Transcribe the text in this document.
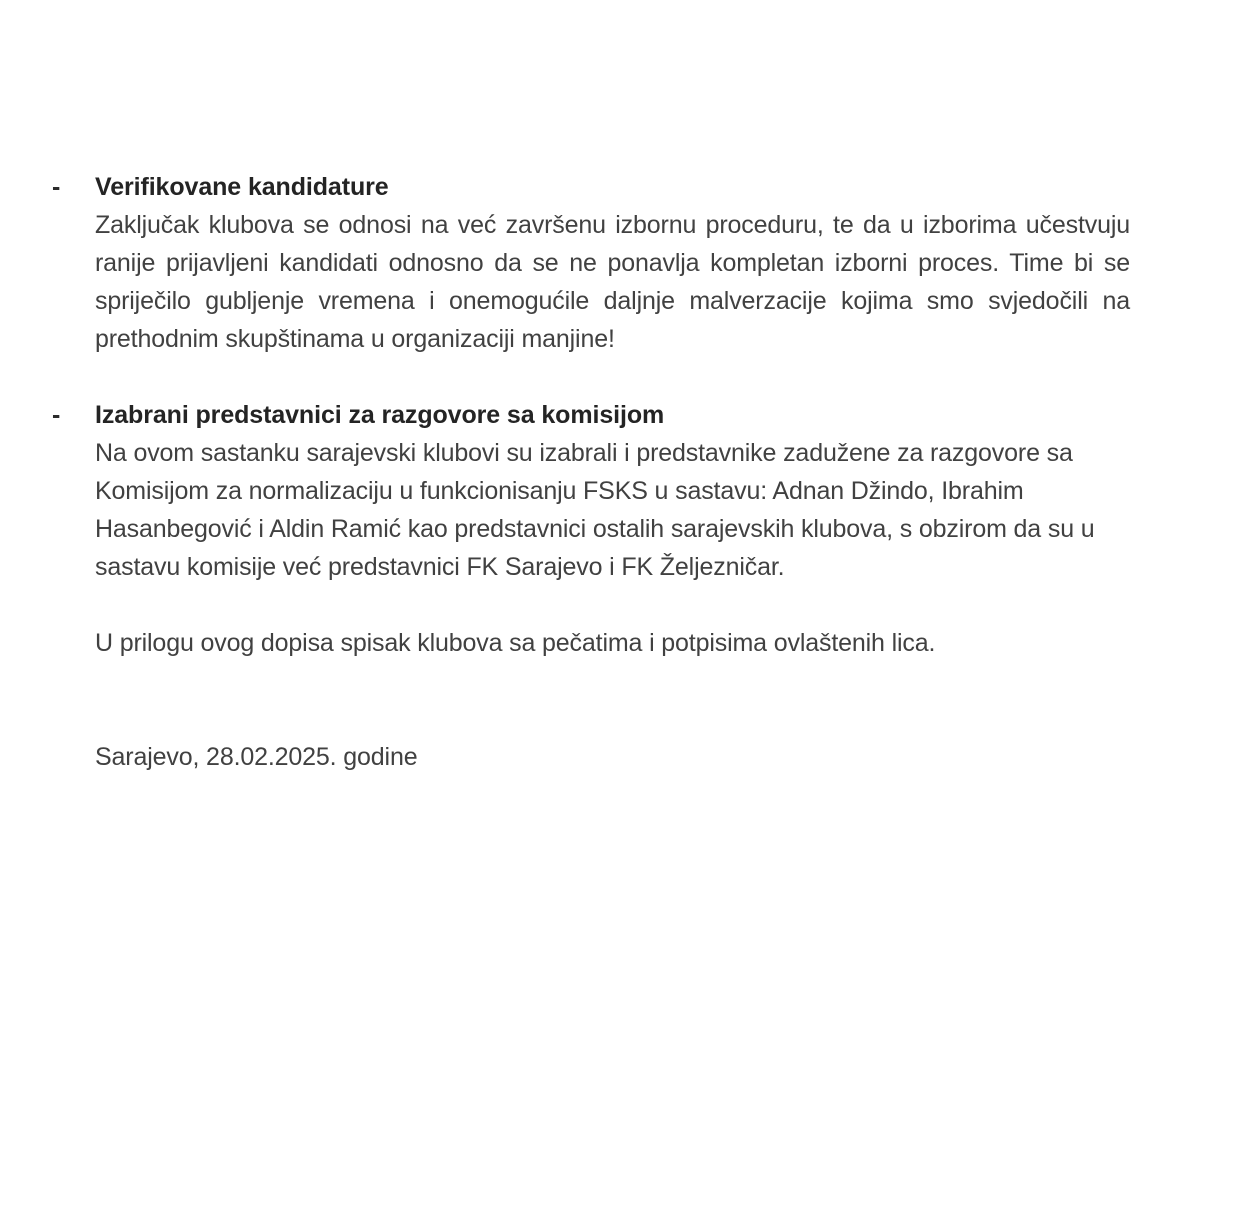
-	Verifikovane kandidature

Zaključak klubova se odnosi na već završenu izbornu proceduru, te da u izborima učestvuju ranije prijavljeni kandidati odnosno da se ne ponavlja kompletan izborni proces. Time bi se spriječilo gubljenje vremena i onemogućile daljnje malverzacije kojima smo svjedočili na prethodnim skupštinama u organizaciji manjine!

-	Izabrani predstavnici za razgovore sa komisijom

Na ovom sastanku sarajevski klubovi su izabrali i predstavnike zadužene za razgovore sa Komisijom za normalizaciju u funkcionisanju FSKS u sastavu: Adnan Džindo, Ibrahim Hasanbegović i Aldin Ramić kao predstavnici ostalih sarajevskih klubova, s obzirom da su u sastavu komisije već predstavnici FK Sarajevo i FK Željezničar.

U prilogu ovog dopisa spisak klubova sa pečatima i potpisima ovlaštenih lica.

Sarajevo, 28.02.2025. godine
